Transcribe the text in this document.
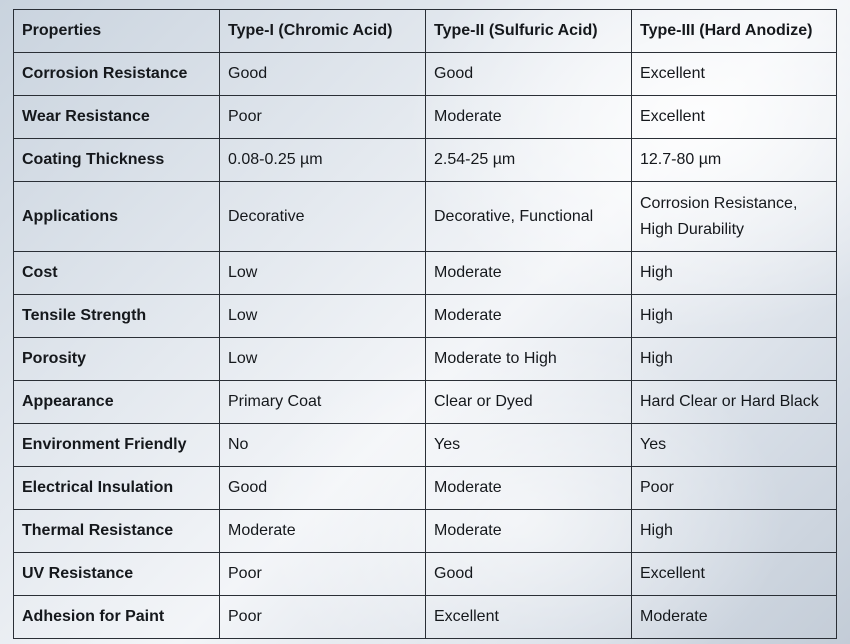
Properties	Type-I (Chromic Acid)	Type-II (Sulfuric Acid)	Type-III (Hard Anodize)
Corrosion Resistance	Good	Good	Excellent
Wear Resistance	Poor	Moderate	Excellent
Coating Thickness	0.08-0.25 µm	2.54-25 µm	12.7-80 µm
Applications	Decorative	Decorative, Functional	Corrosion Resistance, High Durability
Cost	Low	Moderate	High
Tensile Strength	Low	Moderate	High
Porosity	Low	Moderate to High	High
Appearance	Primary Coat	Clear or Dyed	Hard Clear or Hard Black
Environment Friendly	No	Yes	Yes
Electrical Insulation	Good	Moderate	Poor
Thermal Resistance	Moderate	Moderate	High
UV Resistance	Poor	Good	Excellent
Adhesion for Paint	Poor	Excellent	Moderate
